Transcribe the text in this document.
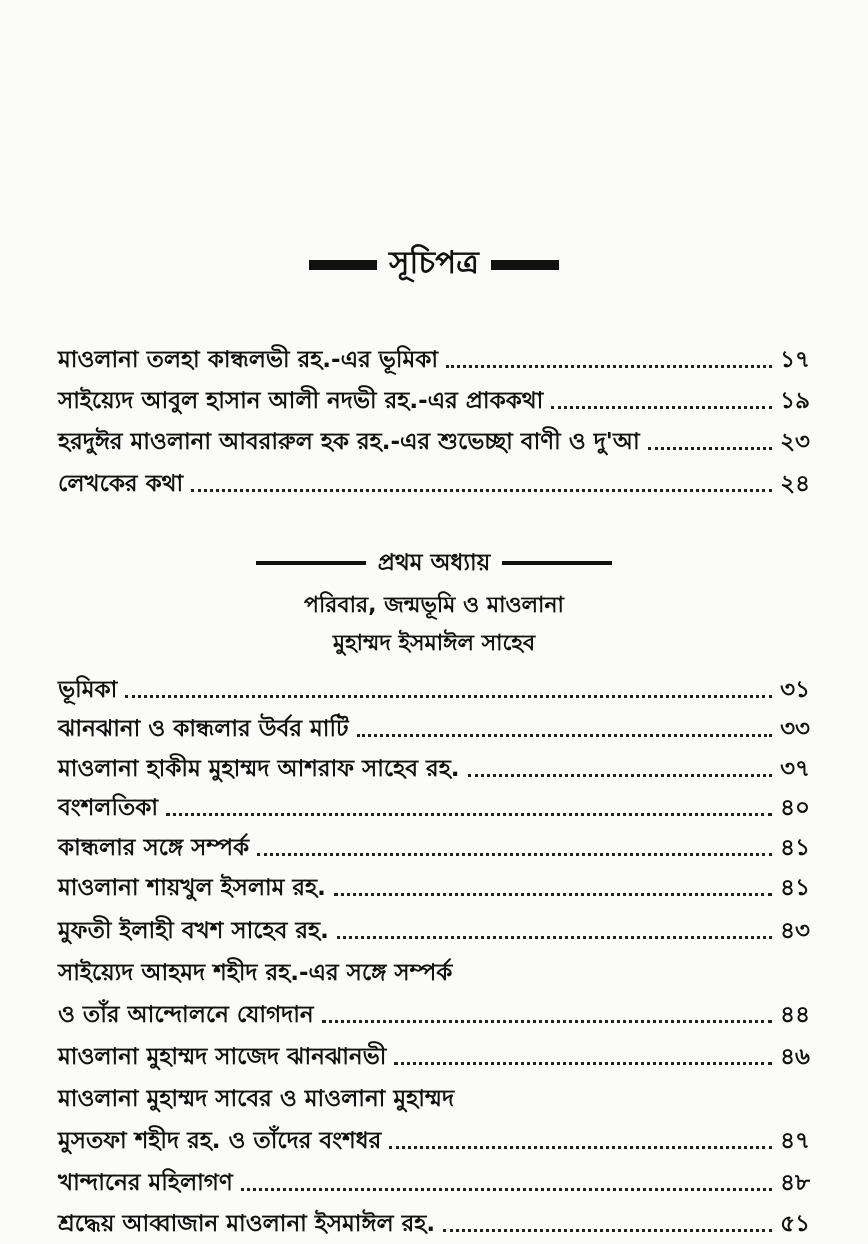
সূচিপত্র
মাওলানা তলহা কান্ধলভী রহ.-এর ভূমিকা	১৭
সাইয়্যেদ আবুল হাসান আলী নদভী রহ.-এর প্রাককথা	১৯
হরদুঈর মাওলানা আবরারুল হক রহ.-এর শুভেচ্ছা বাণী ও দু'আ	২৩
লেখকের কথা	২৪
প্রথম অধ্যায়
পরিবার, জন্মভূমি ও মাওলানা
মুহাম্মদ ইসমাঈল সাহেব
ভূমিকা	৩১
ঝানঝানা ও কান্ধলার উর্বর মাটি	৩৩
মাওলানা হাকীম মুহাম্মদ আশরাফ সাহেব রহ.	৩৭
বংশলতিকা	৪০
কান্ধলার সঙ্গে সম্পর্ক	৪১
মাওলানা শায়খুল ইসলাম রহ.	৪১
মুফতী ইলাহী বখশ সাহেব রহ.	৪৩
সাইয়্যেদ আহমদ শহীদ রহ.-এর সঙ্গে সম্পর্ক
ও তাঁর আন্দোলনে যোগদান	৪৪
মাওলানা মুহাম্মদ সাজেদ ঝানঝানভী	৪৬
মাওলানা মুহাম্মদ সাবের ও মাওলানা মুহাম্মদ
মুসতফা শহীদ রহ. ও তাঁদের বংশধর	৪৭
খান্দানের মহিলাগণ	৪৮
শ্রদ্ধেয় আব্বাজান মাওলানা ইসমাঈল রহ.	৫১
